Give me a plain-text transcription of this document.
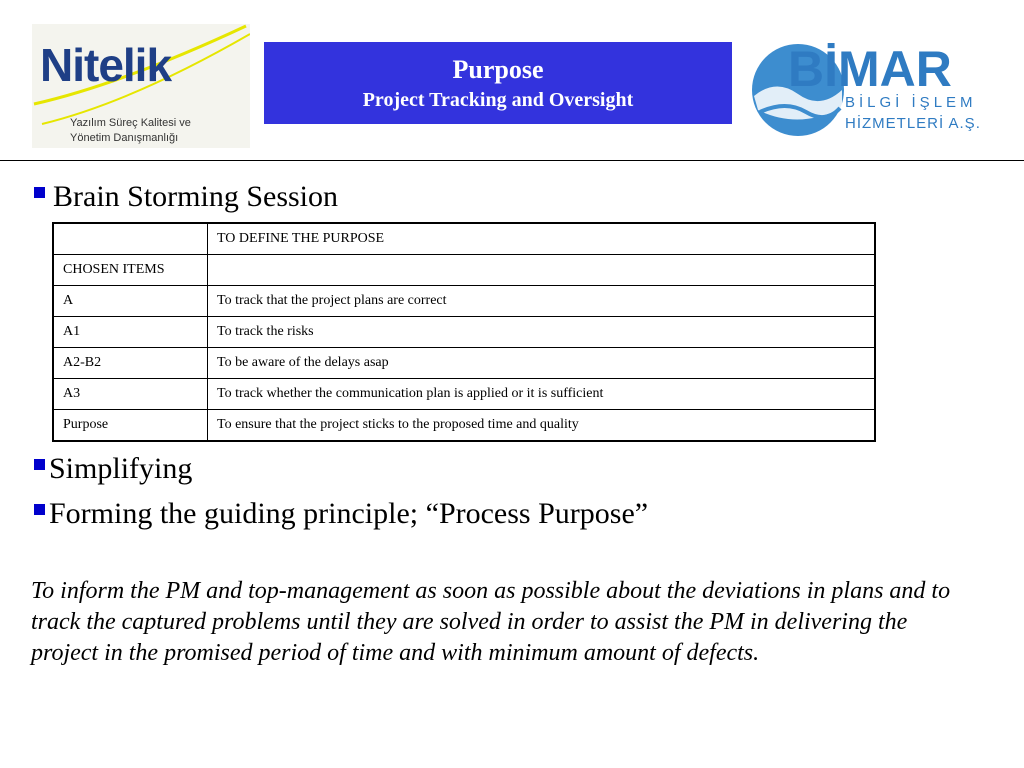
Nitelik
Yazılım Süreç Kalitesi ve
Yönetim Danışmanlığı
Purpose
Project Tracking and Oversight
BİMAR
BİLGİ İŞLEM
HİZMETLERİ A.Ş.
Brain Storming Session
	TO DEFINE THE PURPOSE
CHOSEN ITEMS	
A	To track that the project plans are correct
A1	To track the risks
A2-B2	To be aware of the delays asap
A3	To track whether the communication plan is applied or it is sufficient
Purpose	To ensure that the project sticks to the proposed time and quality
Simplifying
Forming the guiding principle; “Process Purpose”
To inform the PM and top-management as soon as possible about the deviations in plans and to track the captured problems until they are solved in order to assist the PM in delivering the project in the promised period of time and with minimum amount of defects.
